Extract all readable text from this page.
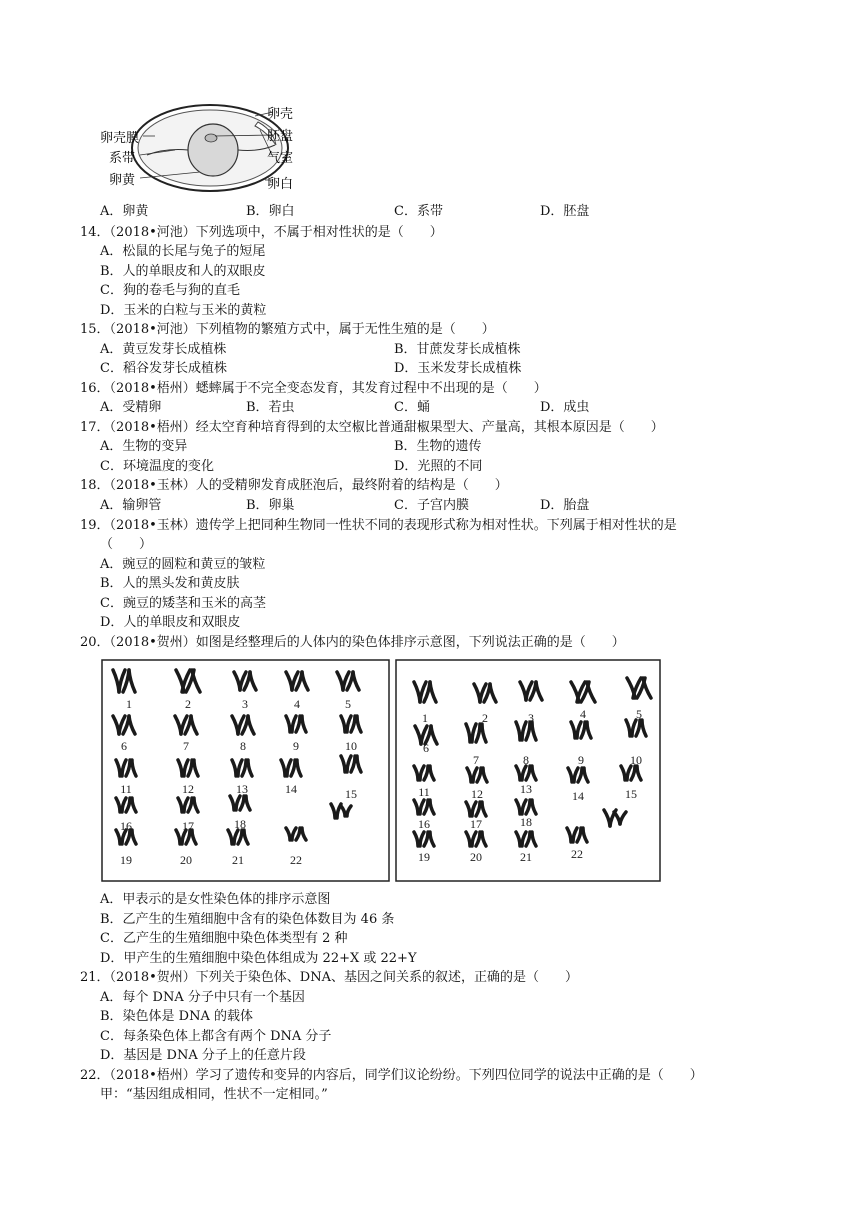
卵壳
卵壳膜	胚盘
系带	气室
卵黄	卵白
A．卵黄	B．卵白	C．系带	D．胚盘
14．（2018•河池）下列选项中，不属于相对性状的是（　　）
A．松鼠的长尾与兔子的短尾
B．人的单眼皮和人的双眼皮
C．狗的卷毛与狗的直毛
D．玉米的白粒与玉米的黄粒
15．（2018•河池）下列植物的繁殖方式中，属于无性生殖的是（　　）
A．黄豆发芽长成植株	B．甘蔗发芽长成植株
C．稻谷发芽长成植株	D．玉米发芽长成植株
16．（2018•梧州）蟋蟀属于不完全变态发育，其发育过程中不出现的是（　　）
A．受精卵	B．若虫	C．蛹	D．成虫
17．（2018•梧州）经太空育种培育得到的太空椒比普通甜椒果型大、产量高，其根本原因是（　　）
A．生物的变异	B．生物的遗传
C．环境温度的变化	D．光照的不同
18．（2018•玉林）人的受精卵发育成胚泡后，最终附着的结构是（　　）
A．输卵管	B．卵巢	C．子宫内膜	D．胎盘
19．（2018•玉林）遗传学上把同种生物同一性状不同的表现形式称为相对性状。下列属于相对性状的是
（　　）
A．豌豆的圆粒和黄豆的皱粒
B．人的黑头发和黄皮肤
C．豌豆的矮茎和玉米的高茎
D．人的单眼皮和双眼皮
20．（2018•贺州）如图是经整理后的人体内的染色体排序示意图，下列说法正确的是（　　）
1	2	3	4	5
6	7	8	9	10
11	12	13	14	15
16	17	18
19	20	21	22
1	2	3	4	5
6
7	8	9	10
11	12	13	14	15
16	17	18
19	20	21	22
A．甲表示的是女性染色体的排序示意图
B．乙产生的生殖细胞中含有的染色体数目为 46 条
C．乙产生的生殖细胞中染色体类型有 2 种
D．甲产生的生殖细胞中染色体组成为 22+X 或 22+Y
21．（2018•贺州）下列关于染色体、DNA、基因之间关系的叙述，正确的是（　　）
A．每个 DNA 分子中只有一个基因
B．染色体是 DNA 的载体
C．每条染色体上都含有两个 DNA 分子
D．基因是 DNA 分子上的任意片段
22．（2018•梧州）学习了遗传和变异的内容后，同学们议论纷纷。下列四位同学的说法中正确的是（　　）
甲：“基因组成相同，性状不一定相同。”
